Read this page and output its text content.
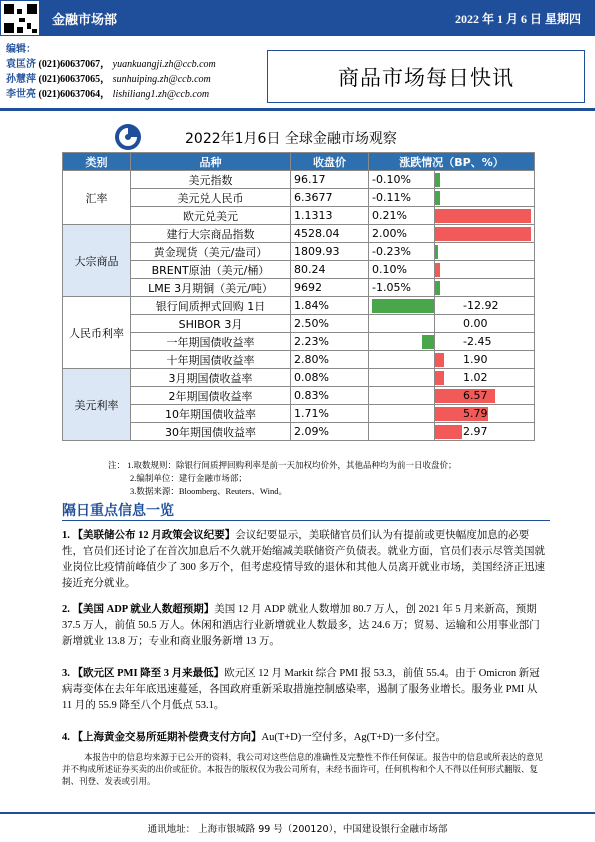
金融市场部	2022 年 1 月 6 日 星期四
编辑：
袁匡济 (021)60637067， yuankuangji.zh@ccb.com
孙慧萍 (021)60637065， sunhuiping.zh@ccb.com
李世亮 (021)60637064， lishiliang1.zh@ccb.com
商品市场每日快讯
2022年1月6日 全球金融市场观察
类别	品种	收盘价	涨跌情况（BP、%）	
汇率	美元指数	96.17	-0.10%	

	美元兑人民币	6.3677	-0.11%	

	欧元兑美元	1.1313	0.21%	

大宗商品	建行大宗商品指数	4528.04	2.00%	

	黄金现货（美元/盎司）	1809.93	-0.23%	

	BRENT原油（美元/桶）	80.24	0.10%	

	LME 3月期铜（美元/吨）	9692	-1.05%	

人民币利率	银行间质押式回购 1日	1.84%		-12.92

	SHIBOR 3月	2.50%		0.00

	一年期国债收益率	2.23%		-2.45

	十年期国债收益率	2.80%		1.90

美元利率	3月期国债收益率	0.08%		1.02

	2年期国债收益率	0.83%		6.57

	10年期国债收益率	1.71%		5.79

	30年期国债收益率	2.09%		2.97
注： 1.取数规则：除银行间质押回购利率是前一天加权均价外，其他品种均为前一日收盘价；
2.编制单位：建行金融市场部；
3.数据来源：Bloomberg、Reuters、Wind。
隔日重点信息一览
1. 【美联储公布 12 月政策会议纪要】会议纪要显示，美联储官员们认为有提前或更快幅度加息的必要性，官员们还讨论了在首次加息后不久就开始缩减美联储资产负债表。就业方面，官员们表示尽管美国就业岗位比疫情前峰值少了 300 多万个，但考虑疫情导致的退休和其他人员离开就业市场，美国经济正迅速接近充分就业。
2. 【美国 ADP 就业人数超预期】美国 12 月 ADP 就业人数增加 80.7 万人，创 2021 年 5 月来新高，预期 37.5 万人，前值 50.5 万人。休闲和酒店行业新增就业人数最多，达 24.6 万；贸易、运输和公用事业部门新增就业 13.8 万；专业和商业服务新增 13 万。
3. 【欧元区 PMI 降至 3 月来最低】欧元区 12 月 Markit 综合 PMI 报 53.3，前值 55.4。由于 Omicron 新冠病毒变体在去年年底迅速蔓延，各国政府重新采取措施控制感染率，遏制了服务业增长。服务业 PMI 从 11 月的 55.9 降至八个月低点 53.1。
4. 【上海黄金交易所延期补偿费支付方向】Au(T+D)一空付多，Ag(T+D)一多付空。
本报告中的信息均来源于已公开的资料，我公司对这些信息的准确性及完整性不作任何保证。报告中的信息或所表达的意见并不构成所述证券买卖的出价或征价。本报告的版权仅为我公司所有，未经书面许可，任何机构和个人不得以任何形式翻版、复制、刊登、发表或引用。
通讯地址： 上海市银城路 99 号（200120），中国建设银行金融市场部
